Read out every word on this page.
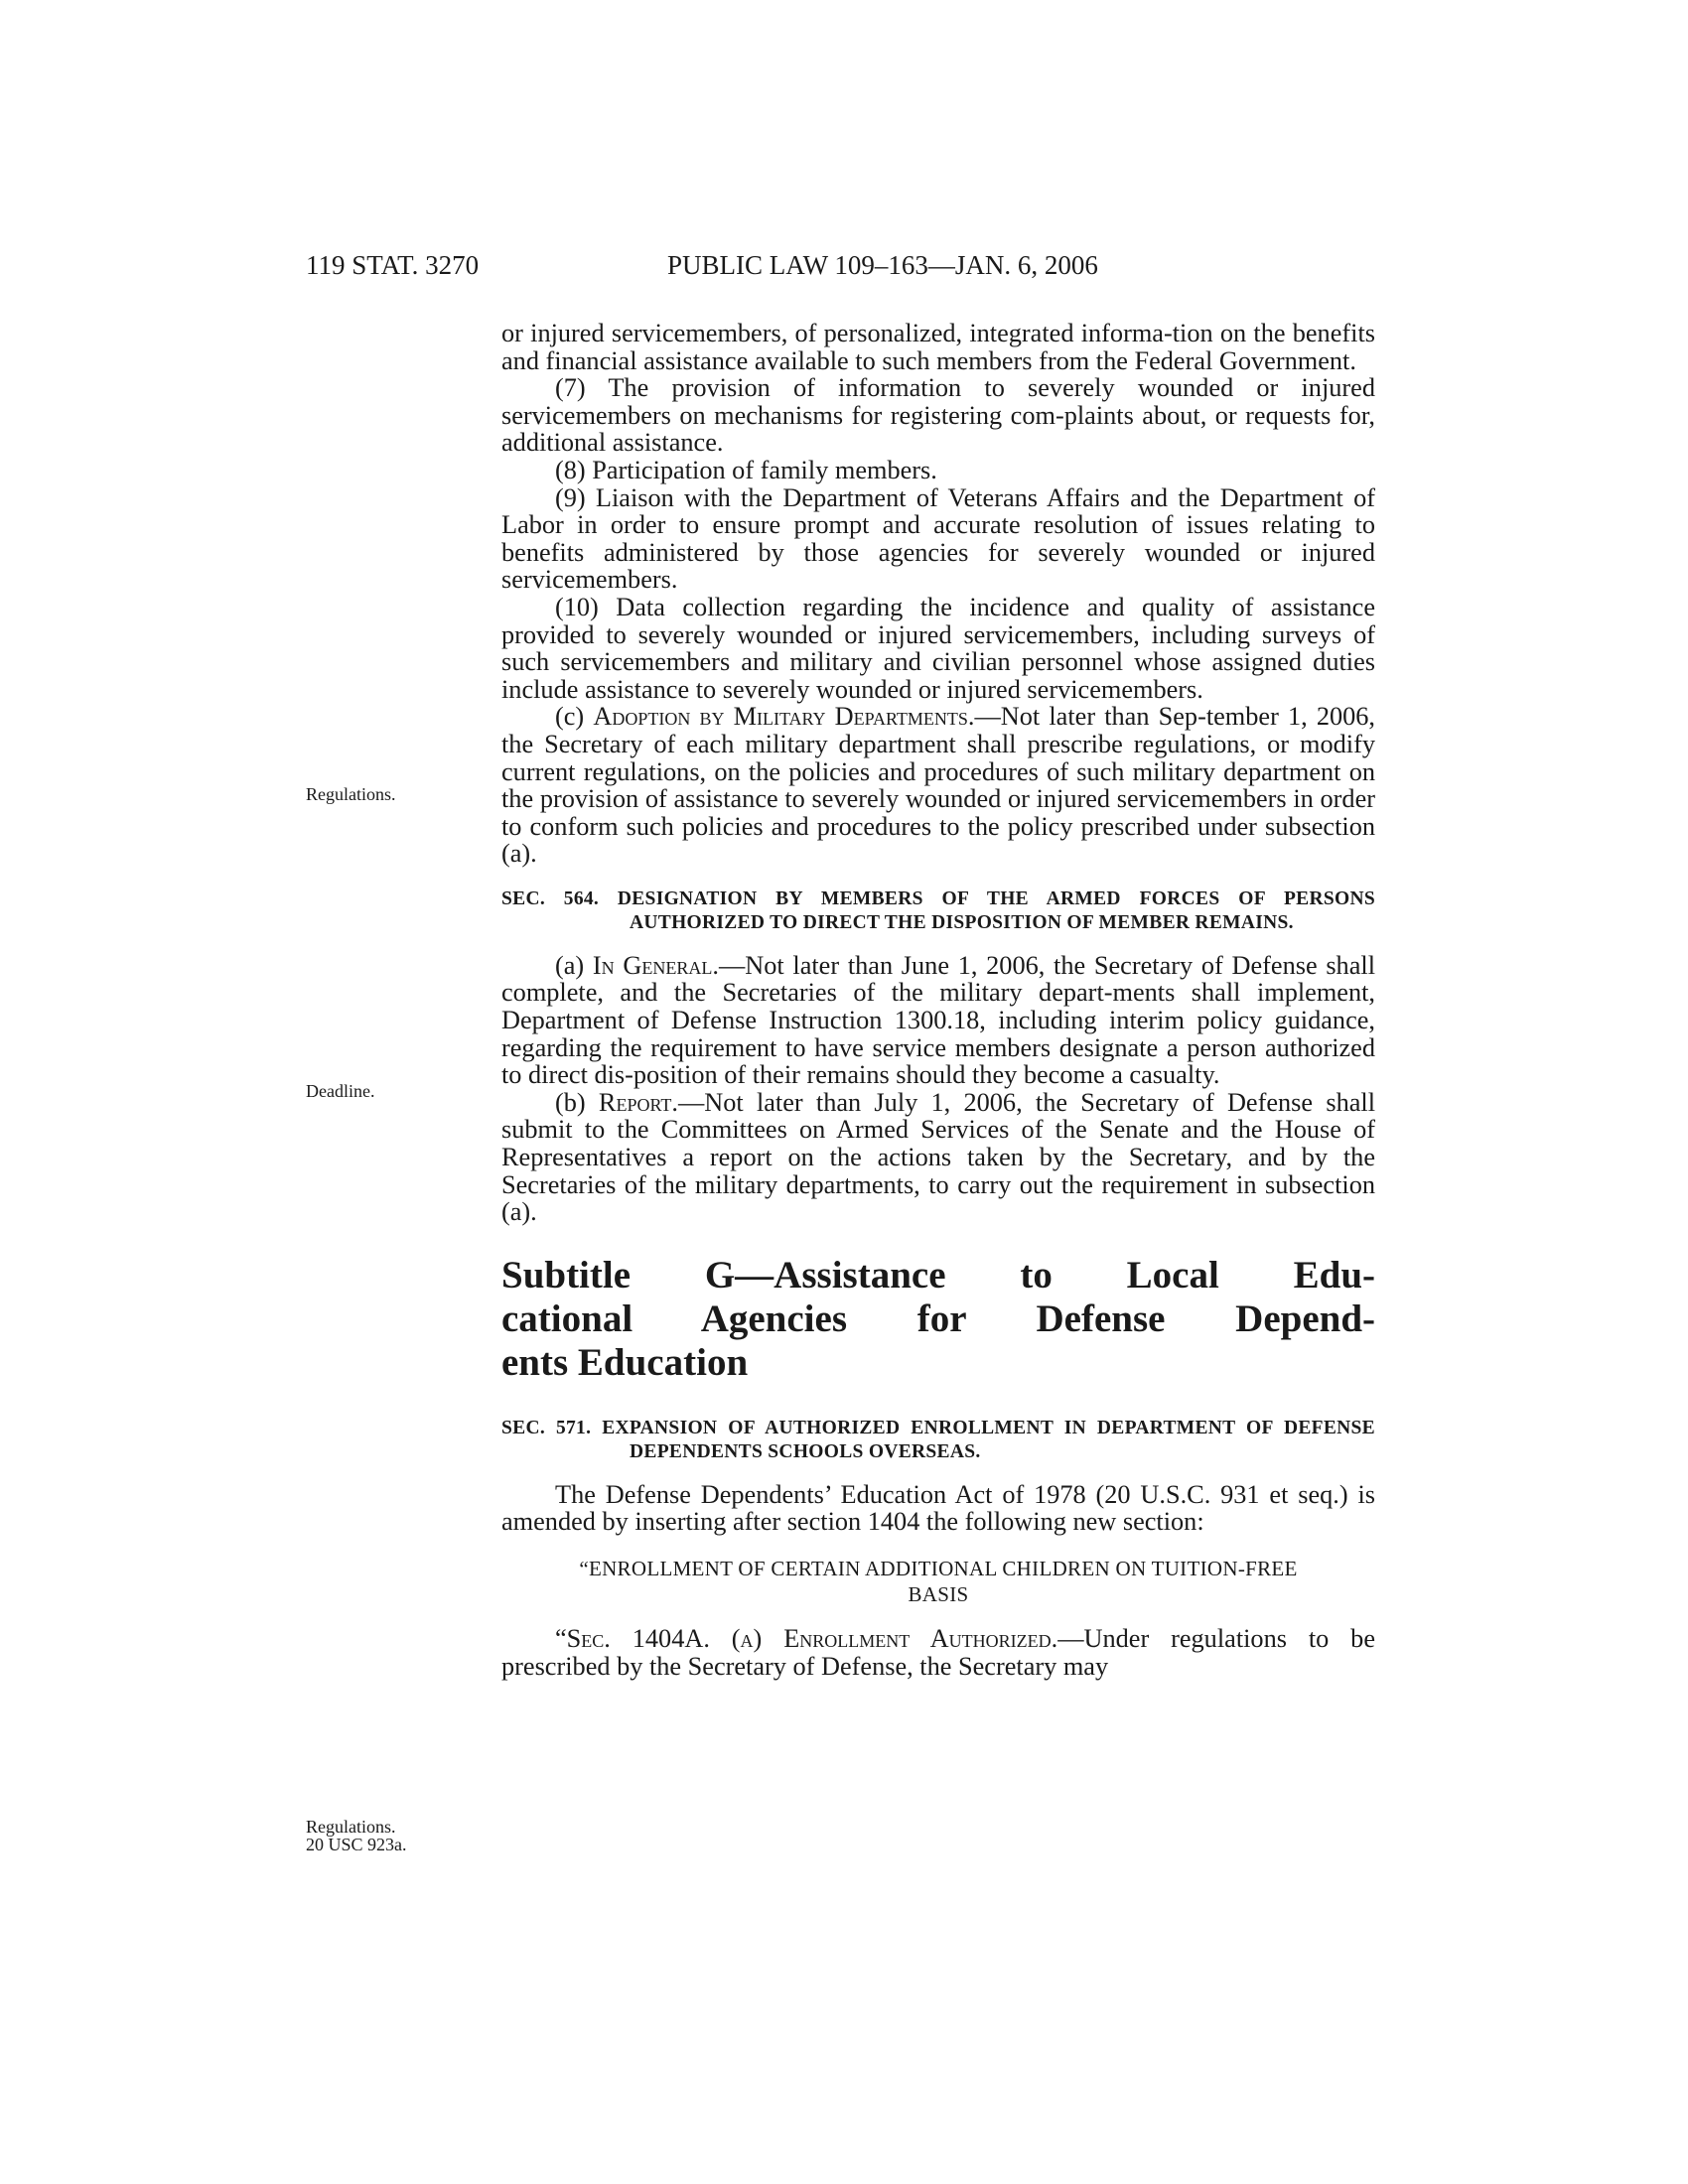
119 STAT. 3270	PUBLIC LAW 109–163—JAN. 6, 2006
Regulations.
Deadline.
Regulations.
20 USC 923a.

or injured servicemembers, of personalized, integrated informa-tion on the benefits and financial assistance available to such members from the Federal Government.

(7) The provision of information to severely wounded or injured servicemembers on mechanisms for registering com-plaints about, or requests for, additional assistance.

(8) Participation of family members.

(9) Liaison with the Department of Veterans Affairs and the Department of Labor in order to ensure prompt and accurate resolution of issues relating to benefits administered by those agencies for severely wounded or injured servicemembers.

(10) Data collection regarding the incidence and quality of assistance provided to severely wounded or injured servicemembers, including surveys of such servicemembers and military and civilian personnel whose assigned duties include assistance to severely wounded or injured servicemembers.

(c) Adoption by Military Departments.—Not later than Sep-tember 1, 2006, the Secretary of each military department shall prescribe regulations, or modify current regulations, on the policies and procedures of such military department on the provision of assistance to severely wounded or injured servicemembers in order to conform such policies and procedures to the policy prescribed under subsection (a).

SEC. 564. DESIGNATION BY MEMBERS OF THE ARMED FORCES OF PERSONS AUTHORIZED TO DIRECT THE DISPOSITION OF MEMBER REMAINS.

(a) In General.—Not later than June 1, 2006, the Secretary of Defense shall complete, and the Secretaries of the military depart-ments shall implement, Department of Defense Instruction 1300.18, including interim policy guidance, regarding the requirement to have service members designate a person authorized to direct dis-position of their remains should they become a casualty.

(b) Report.—Not later than July 1, 2006, the Secretary of Defense shall submit to the Committees on Armed Services of the Senate and the House of Representatives a report on the actions taken by the Secretary, and by the Secretaries of the military departments, to carry out the requirement in subsection (a).

Subtitle G—Assistance to Local Edu-
cational Agencies for Defense Depend-
ents Education
SEC. 571. EXPANSION OF AUTHORIZED ENROLLMENT IN DEPARTMENT OF DEFENSE DEPENDENTS SCHOOLS OVERSEAS.

The Defense Dependents’ Education Act of 1978 (20 U.S.C. 931 et seq.) is amended by inserting after section 1404 the following new section:

“ENROLLMENT OF CERTAIN ADDITIONAL CHILDREN ON TUITION-FREE
BASIS

“Sec. 1404A. (a) Enrollment Authorized.—Under regulations to be prescribed by the Secretary of Defense, the Secretary may
